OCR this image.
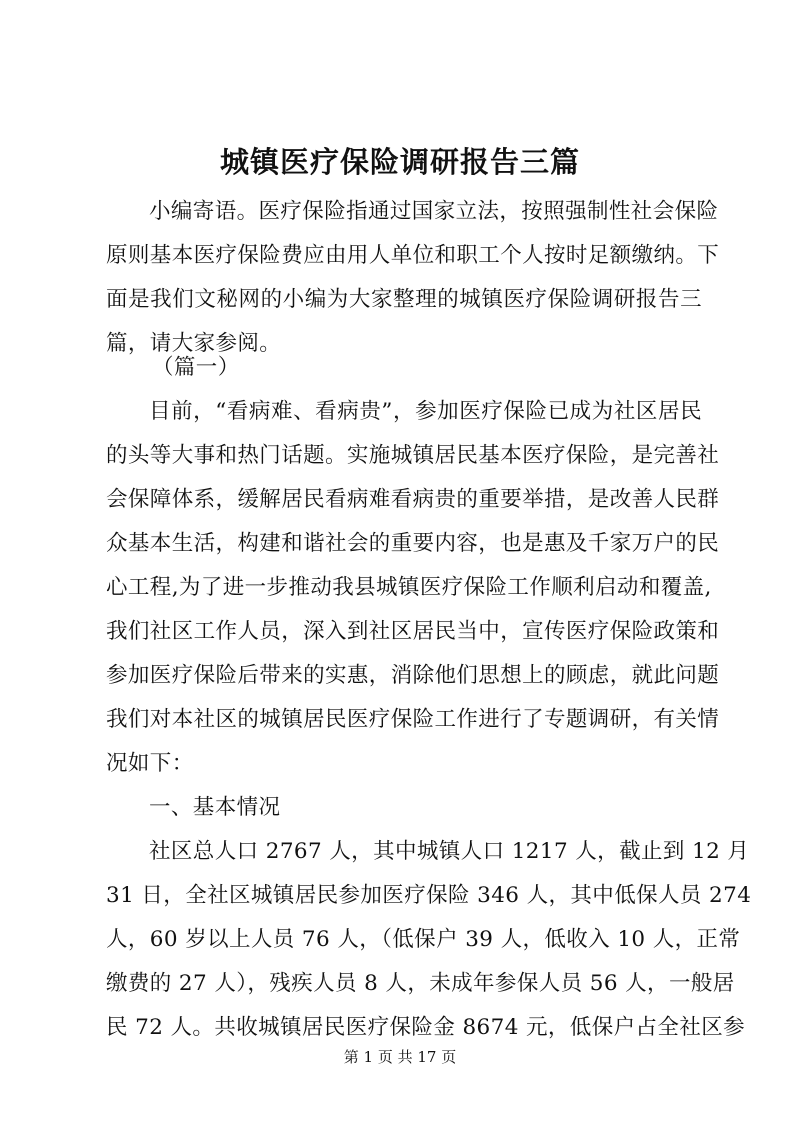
城镇医疗保险调研报告三篇
小编寄语。医疗保险指通过国家立法，按照强制性社会保险
原则基本医疗保险费应由用人单位和职工个人按时足额缴纳。下
面是我们文秘网的小编为大家整理的城镇医疗保险调研报告三
篇，请大家参阅。
（篇一）
目前，“看病难、看病贵”，参加医疗保险已成为社区居民
的头等大事和热门话题。实施城镇居民基本医疗保险，是完善社
会保障体系，缓解居民看病难看病贵的重要举措，是改善人民群
众基本生活，构建和谐社会的重要内容，也是惠及千家万户的民
心工程,为了进一步推动我县城镇医疗保险工作顺利启动和覆盖,
我们社区工作人员，深入到社区居民当中，宣传医疗保险政策和
参加医疗保险后带来的实惠，消除他们思想上的顾虑，就此问题
我们对本社区的城镇居民医疗保险工作进行了专题调研，有关情
况如下：
一、基本情况
社区总人口 2767 人，其中城镇人口 1217 人，截止到 12 月
31 日，全社区城镇居民参加医疗保险 346 人，其中低保人员 274
人，60 岁以上人员 76 人，（低保户 39 人，低收入 10 人，正常
缴费的 27 人），残疾人员 8 人，未成年参保人员 56 人，一般居
民 72 人。共收城镇居民医疗保险金 8674 元，低保户占全社区参
第 1 页 共 17 页
